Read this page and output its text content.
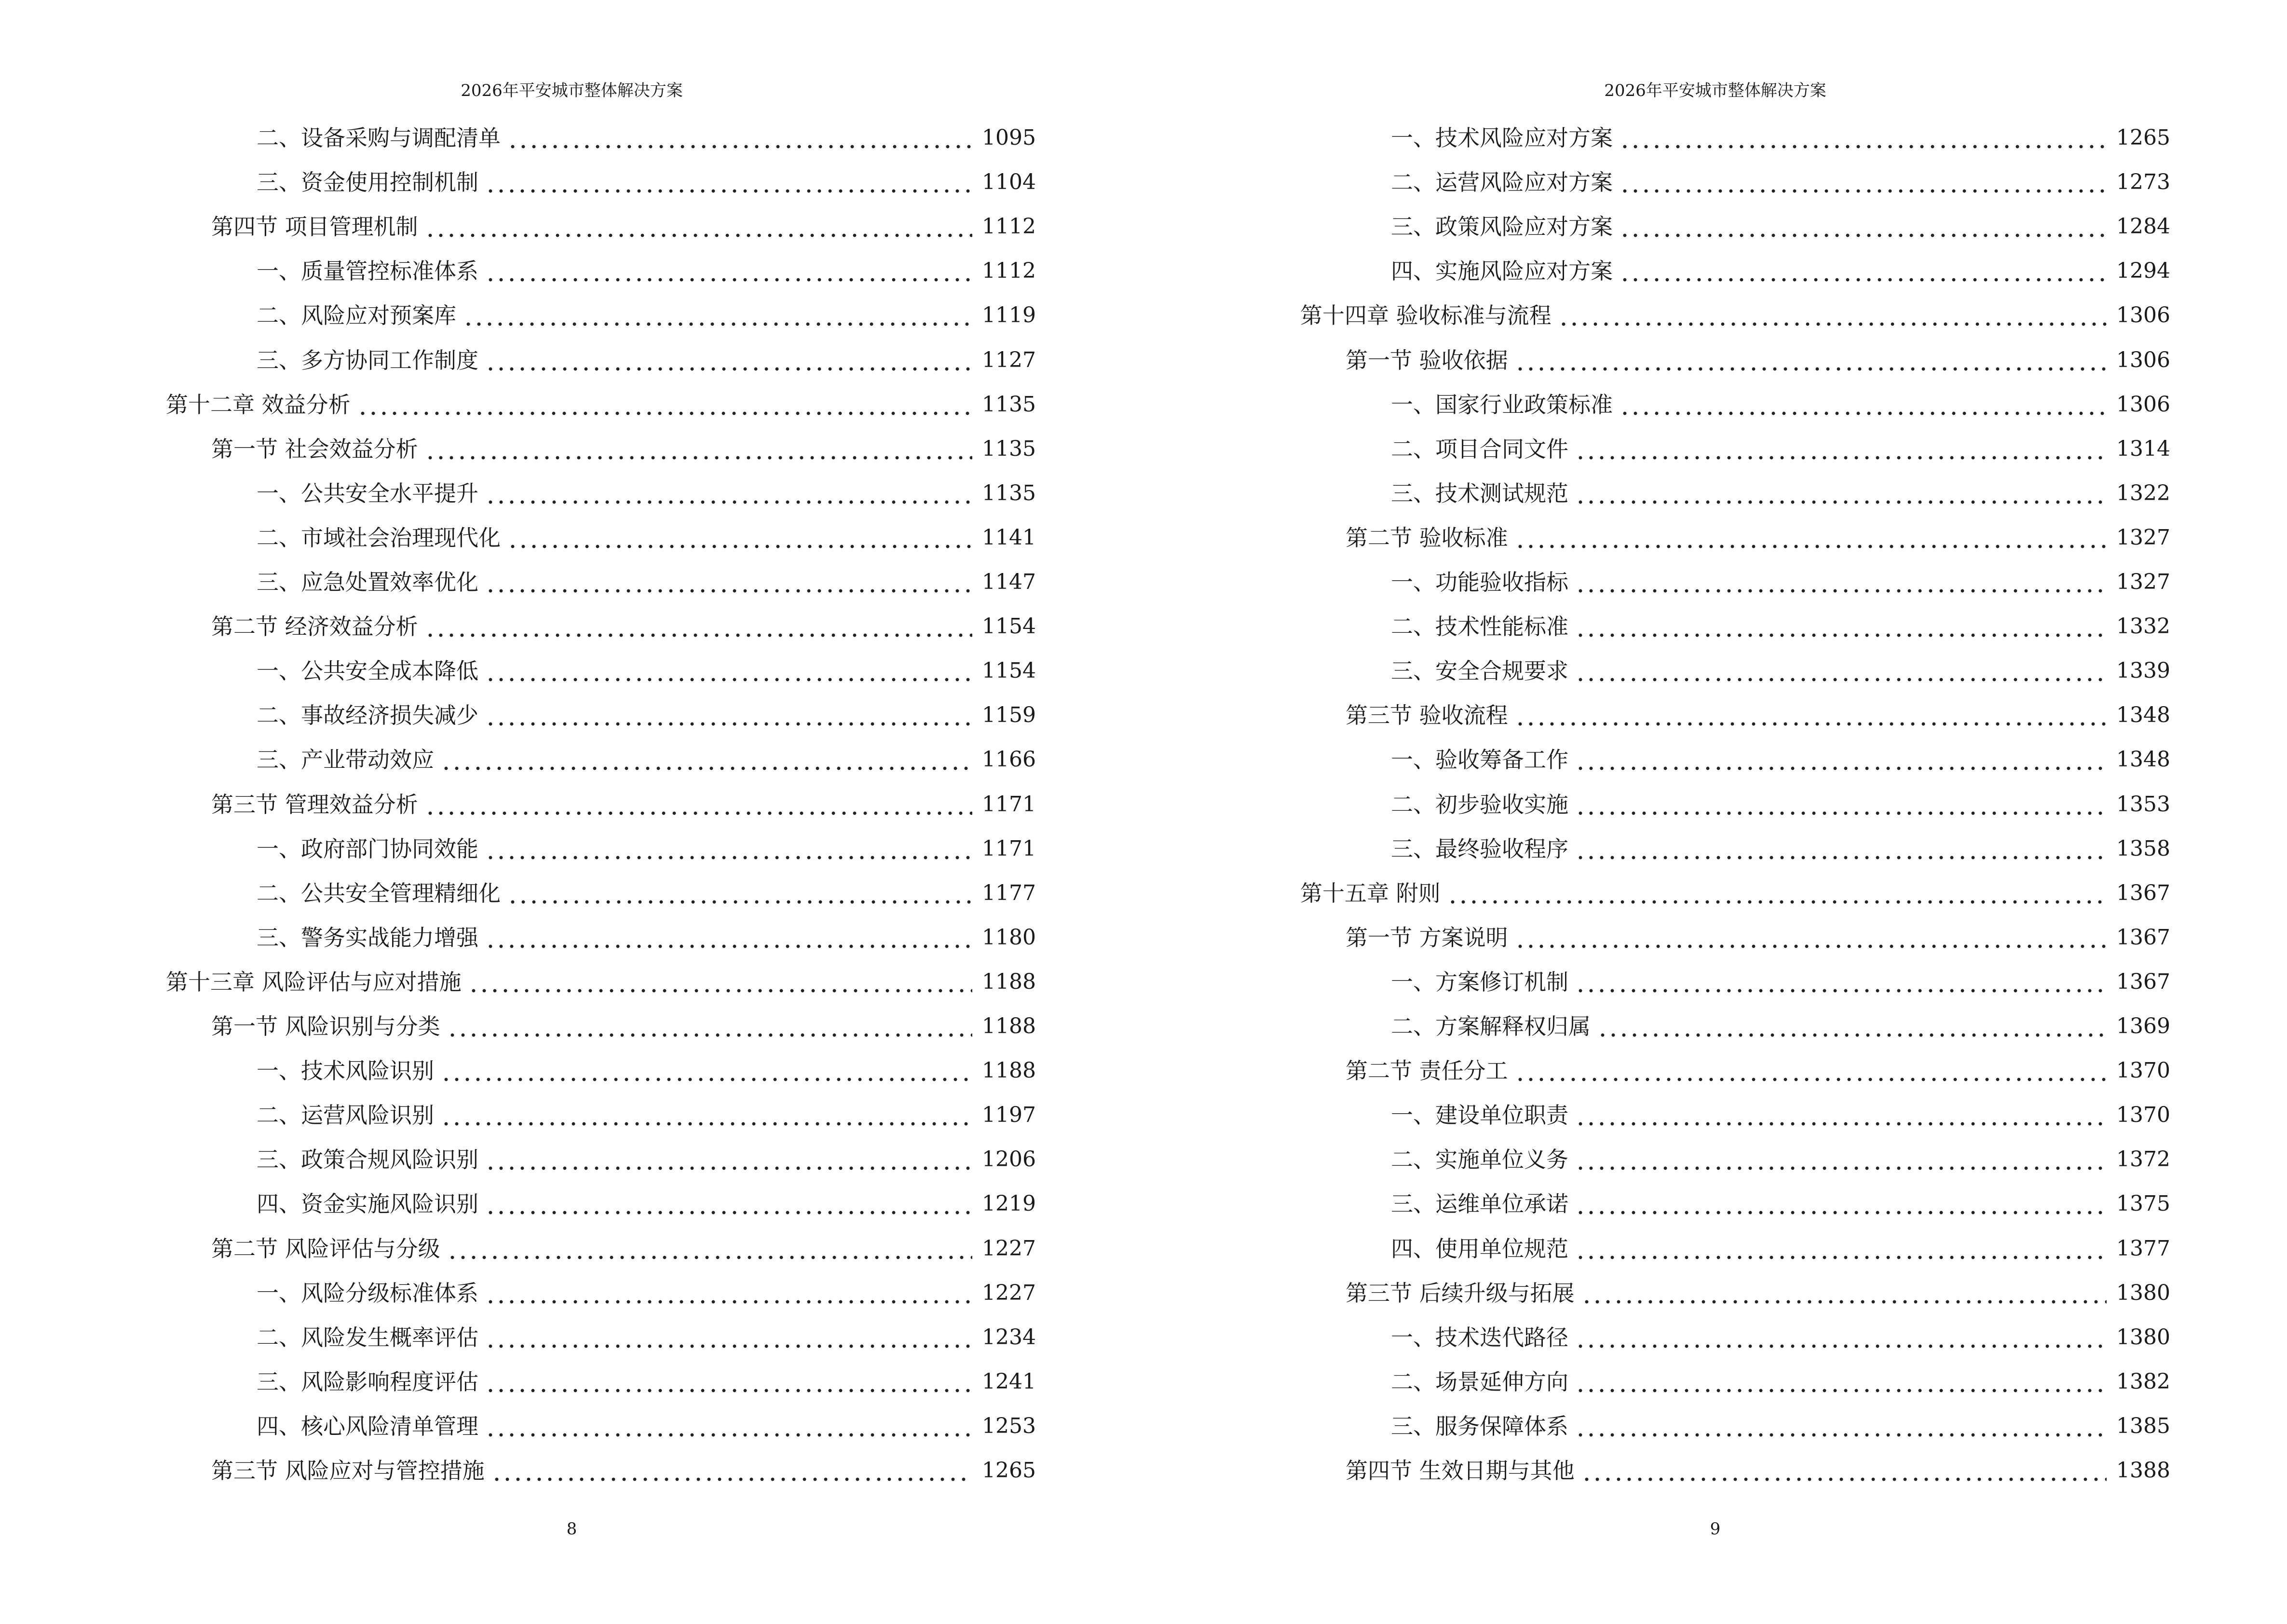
2026年平安城市整体解决方案
二、设备采购与调配清单	1095
三、资金使用控制机制	1104
第四节 项目管理机制	1112
一、质量管控标准体系	1112
二、风险应对预案库	1119
三、多方协同工作制度	1127
第十二章 效益分析	1135
第一节 社会效益分析	1135
一、公共安全水平提升	1135
二、市域社会治理现代化	1141
三、应急处置效率优化	1147
第二节 经济效益分析	1154
一、公共安全成本降低	1154
二、事故经济损失减少	1159
三、产业带动效应	1166
第三节 管理效益分析	1171
一、政府部门协同效能	1171
二、公共安全管理精细化	1177
三、警务实战能力增强	1180
第十三章 风险评估与应对措施	1188
第一节 风险识别与分类	1188
一、技术风险识别	1188
二、运营风险识别	1197
三、政策合规风险识别	1206
四、资金实施风险识别	1219
第二节 风险评估与分级	1227
一、风险分级标准体系	1227
二、风险发生概率评估	1234
三、风险影响程度评估	1241
四、核心风险清单管理	1253
第三节 风险应对与管控措施	1265
8
2026年平安城市整体解决方案
一、技术风险应对方案	1265
二、运营风险应对方案	1273
三、政策风险应对方案	1284
四、实施风险应对方案	1294
第十四章 验收标准与流程	1306
第一节 验收依据	1306
一、国家行业政策标准	1306
二、项目合同文件	1314
三、技术测试规范	1322
第二节 验收标准	1327
一、功能验收指标	1327
二、技术性能标准	1332
三、安全合规要求	1339
第三节 验收流程	1348
一、验收筹备工作	1348
二、初步验收实施	1353
三、最终验收程序	1358
第十五章 附则	1367
第一节 方案说明	1367
一、方案修订机制	1367
二、方案解释权归属	1369
第二节 责任分工	1370
一、建设单位职责	1370
二、实施单位义务	1372
三、运维单位承诺	1375
四、使用单位规范	1377
第三节 后续升级与拓展	1380
一、技术迭代路径	1380
二、场景延伸方向	1382
三、服务保障体系	1385
第四节 生效日期与其他	1388
9
